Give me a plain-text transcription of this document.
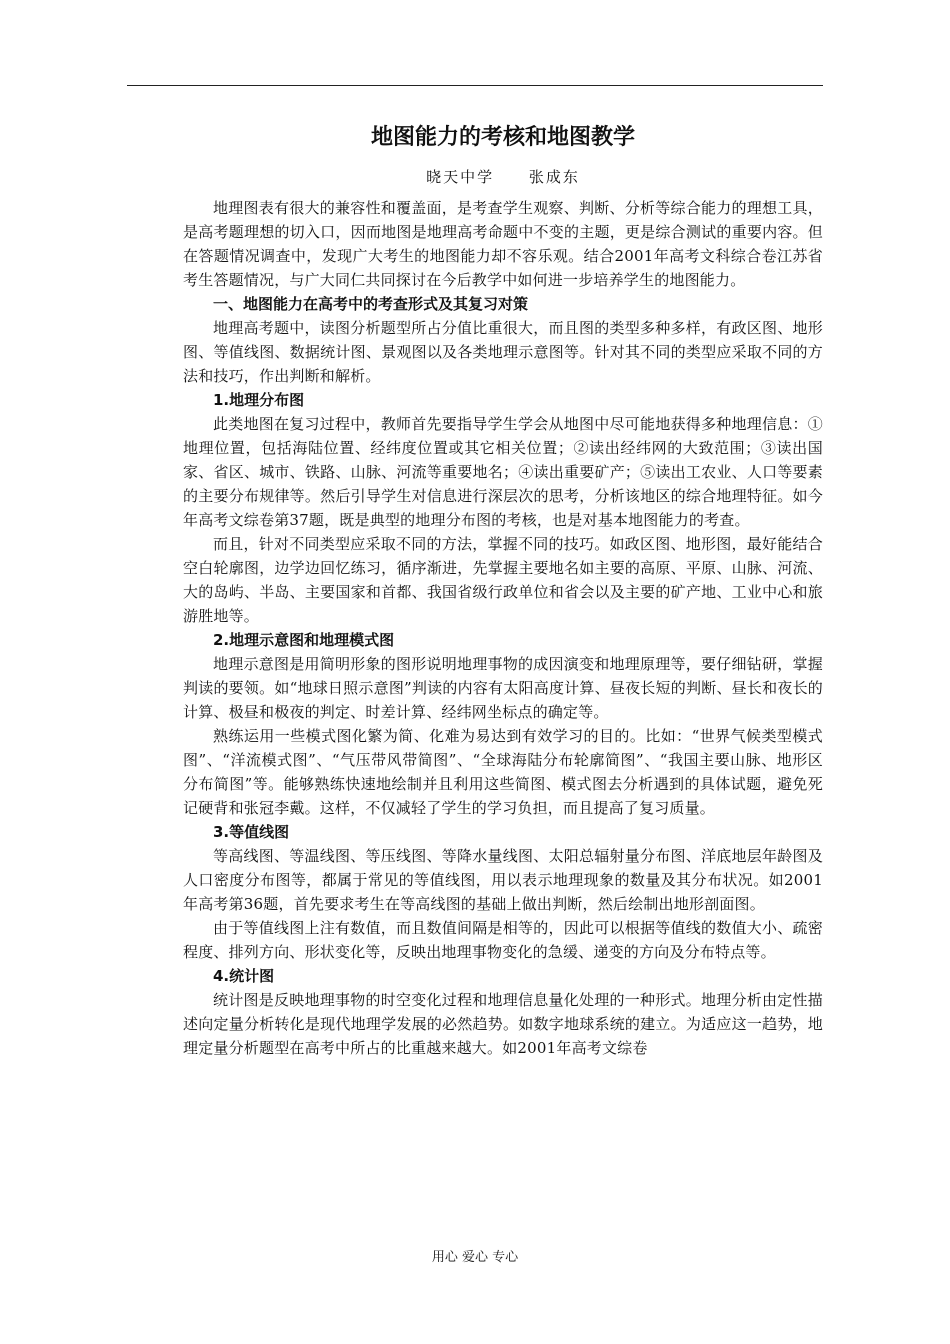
地图能力的考核和地图教学
晓天中学 张成东

地理图表有很大的兼容性和覆盖面，是考查学生观察、判断、分析等综合能力的理想工具，是高考题理想的切入口，因而地图是地理高考命题中不变的主题，更是综合测试的重要内容。但在答题情况调查中，发现广大考生的地图能力却不容乐观。结合2001年高考文科综合卷江苏省考生答题情况，与广大同仁共同探讨在今后教学中如何进一步培养学生的地图能力。

一、地图能力在高考中的考查形式及其复习对策

地理高考题中，读图分析题型所占分值比重很大，而且图的类型多种多样，有政区图、地形图、等值线图、数据统计图、景观图以及各类地理示意图等。针对其不同的类型应采取不同的方法和技巧，作出判断和解析。

1.地理分布图

此类地图在复习过程中，教师首先要指导学生学会从地图中尽可能地获得多种地理信息：①地理位置，包括海陆位置、经纬度位置或其它相关位置；②读出经纬网的大致范围；③读出国家、省区、城市、铁路、山脉、河流等重要地名；④读出重要矿产；⑤读出工农业、人口等要素的主要分布规律等。然后引导学生对信息进行深层次的思考，分析该地区的综合地理特征。如今年高考文综卷第37题，既是典型的地理分布图的考核，也是对基本地图能力的考查。

而且，针对不同类型应采取不同的方法，掌握不同的技巧。如政区图、地形图，最好能结合空白轮廓图，边学边回忆练习，循序渐进，先掌握主要地名如主要的高原、平原、山脉、河流、大的岛屿、半岛、主要国家和首都、我国省级行政单位和省会以及主要的矿产地、工业中心和旅游胜地等。

2.地理示意图和地理模式图

地理示意图是用简明形象的图形说明地理事物的成因演变和地理原理等，要仔细钻研，掌握判读的要领。如“地球日照示意图”判读的内容有太阳高度计算、昼夜长短的判断、昼长和夜长的计算、极昼和极夜的判定、时差计算、经纬网坐标点的确定等。

熟练运用一些模式图化繁为简、化难为易达到有效学习的目的。比如：“世界气候类型模式图”、“洋流模式图”、“气压带风带简图”、“全球海陆分布轮廓简图”、“我国主要山脉、地形区分布简图”等。能够熟练快速地绘制并且利用这些简图、模式图去分析遇到的具体试题，避免死记硬背和张冠李戴。这样，不仅减轻了学生的学习负担，而且提高了复习质量。

3.等值线图

等高线图、等温线图、等压线图、等降水量线图、太阳总辐射量分布图、洋底地层年龄图及人口密度分布图等，都属于常见的等值线图，用以表示地理现象的数量及其分布状况。如2001年高考第36题，首先要求考生在等高线图的基础上做出判断，然后绘制出地形剖面图。

由于等值线图上注有数值，而且数值间隔是相等的，因此可以根据等值线的数值大小、疏密程度、排列方向、形状变化等，反映出地理事物变化的急缓、递变的方向及分布特点等。

4.统计图

统计图是反映地理事物的时空变化过程和地理信息量化处理的一种形式。地理分析由定性描述向定量分析转化是现代地理学发展的必然趋势。如数字地球系统的建立。为适应这一趋势，地理定量分析题型在高考中所占的比重越来越大。如2001年高考文综卷

用心 爱心 专心
